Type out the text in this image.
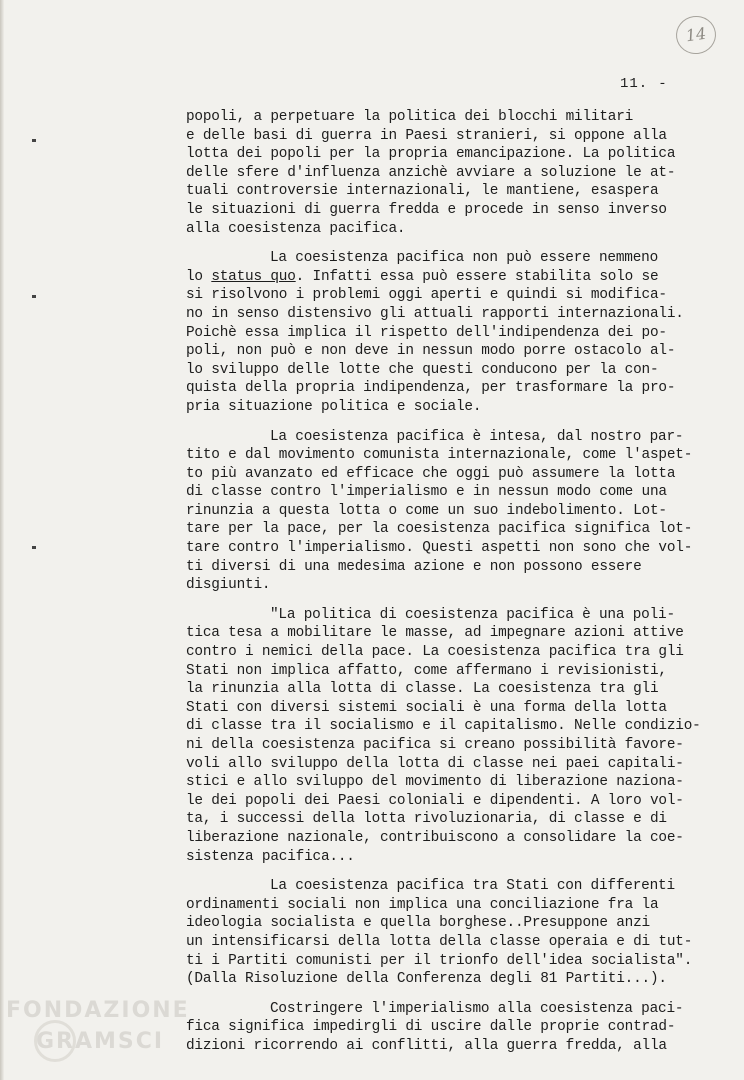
14
11. -

popoli, a perpetuare la politica dei blocchi militari

e delle basi di guerra in Paesi stranieri, si oppone alla

lotta dei popoli per la propria emancipazione. La politica

delle sfere d'influenza anzichè avviare a soluzione le at-

tuali controversie internazionali, le mantiene, esaspera

le situazioni di guerra fredda e procede in senso inverso

alla coesistenza pacifica.

La coesistenza pacifica non può essere nemmeno

lo status quo. Infatti essa può essere stabilita solo se

si risolvono i problemi oggi aperti e quindi si modifica-

no in senso distensivo gli attuali rapporti internazionali.

Poichè essa implica il rispetto dell'indipendenza dei po-

poli, non può e non deve in nessun modo porre ostacolo al-

lo sviluppo delle lotte che questi conducono per la con-

quista della propria indipendenza, per trasformare la pro-

pria situazione politica e sociale.

La coesistenza pacifica è intesa, dal nostro par-

tito e dal movimento comunista internazionale, come l'aspet-

to più avanzato ed efficace che oggi può assumere la lotta

di classe contro l'imperialismo e in nessun modo come una

rinunzia a questa lotta o come un suo indebolimento. Lot-

tare per la pace, per la coesistenza pacifica significa lot-

tare contro l'imperialismo. Questi aspetti non sono che vol-

ti diversi di una medesima azione e non possono essere

disgiunti.

"La politica di coesistenza pacifica è una poli-

tica tesa a mobilitare le masse, ad impegnare azioni attive

contro i nemici della pace. La coesistenza pacifica tra gli

Stati non implica affatto, come affermano i revisionisti,

la rinunzia alla lotta di classe. La coesistenza tra gli

Stati con diversi sistemi sociali è una forma della lotta

di classe tra il socialismo e il capitalismo. Nelle condizio-

ni della coesistenza pacifica si creano possibilità favore-

voli allo sviluppo della lotta di classe nei paei capitali-

stici e allo sviluppo del movimento di liberazione naziona-

le dei popoli dei Paesi coloniali e dipendenti. A loro vol-

ta, i successi della lotta rivoluzionaria, di classe e di

liberazione nazionale, contribuiscono a consolidare la coe-

sistenza pacifica...

La coesistenza pacifica tra Stati con differenti

ordinamenti sociali non implica una conciliazione fra la

ideologia socialista e quella borghese..Presuppone anzi

un intensificarsi della lotta della classe operaia e di tut-

ti i Partiti comunisti per il trionfo dell'idea socialista".

(Dalla Risoluzione della Conferenza degli 81 Partiti...).

Costringere l'imperialismo alla coesistenza paci-

fica significa impedirgli di uscire dalle proprie contrad-

dizioni ricorrendo ai conflitti, alla guerra fredda, alla

FONDAZIONE
GRAMSCI
